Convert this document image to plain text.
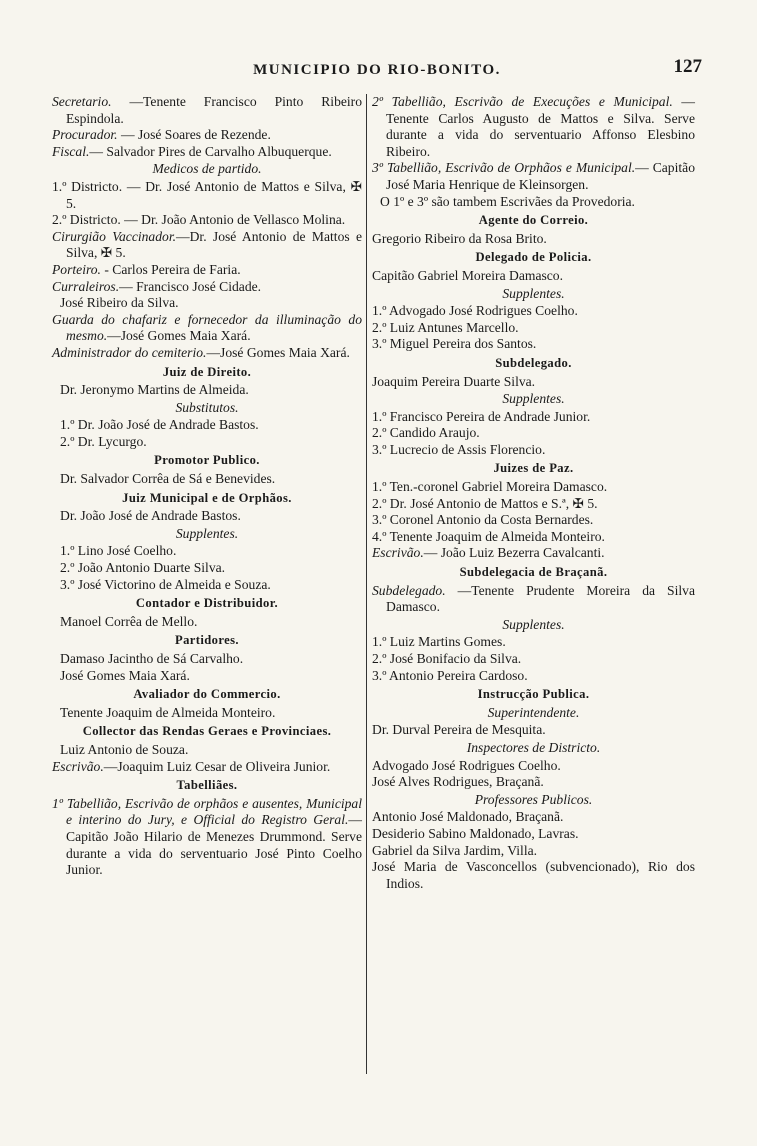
MUNICIPIO DO RIO-BONITO.	127
Secretario. —Tenente Francisco Pinto Ribeiro Espindola.
Procurador. — José Soares de Rezende.
Fiscal.— Salvador Pires de Carvalho Albuquerque.
Medicos de partido.
1.º Districto. — Dr. José Antonio de Mattos e Silva, ✠ 5.
2.º Districto. — Dr. João Antonio de Vellasco Molina.
Cirurgião Vaccinador.—Dr. José Antonio de Mattos e Silva, ✠ 5.
Porteiro. - Carlos Pereira de Faria.
Curraleiros.— Francisco José Cidade.
José Ribeiro da Silva.
Guarda do chafariz e fornecedor da illuminação do mesmo.—José Gomes Maia Xará.
Administrador do cemiterio.—José Gomes Maia Xará.
Juiz de Direito.
Dr. Jeronymo Martins de Almeida.
Substitutos.
1.º Dr. João José de Andrade Bastos.
2.º Dr. Lycurgo.
Promotor Publico.
Dr. Salvador Corrêa de Sá e Benevides.
Juiz Municipal e de Orphãos.
Dr. João José de Andrade Bastos.
Supplentes.
1.º Lino José Coelho.
2.º João Antonio Duarte Silva.
3.º José Victorino de Almeida e Souza.
Contador e Distribuidor.
Manoel Corrêa de Mello.
Partidores.
Damaso Jacintho de Sá Carvalho.
José Gomes Maia Xará.
Avaliador do Commercio.
Tenente Joaquim de Almeida Monteiro.
Collector das Rendas Geraes e Provinciaes.
Luiz Antonio de Souza.
Escrivão.—Joaquim Luiz Cesar de Oliveira Junior.
Tabelliães.
1º Tabellião, Escrivão de orphãos e ausentes, Municipal e interino do Jury, e Official do Registro Geral.—Capitão João Hilario de Menezes Drummond. Serve durante a vida do serventuario José Pinto Coelho Junior.
2º Tabellião, Escrivão de Execuções e Municipal. — Tenente Carlos Augusto de Mattos e Silva. Serve durante a vida do serventuario Affonso Elesbino Ribeiro.
3º Tabellião, Escrivão de Orphãos e Municipal.— Capitão José Maria Henrique de Kleinsorgen.
O 1º e 3º são tambem Escrivães da Provedoria.
Agente do Correio.
Gregorio Ribeiro da Rosa Brito.
Delegado de Policia.
Capitão Gabriel Moreira Damasco.
Supplentes.
1.º Advogado José Rodrigues Coelho.
2.º Luiz Antunes Marcello.
3.º Miguel Pereira dos Santos.
Subdelegado.
Joaquim Pereira Duarte Silva.
Supplentes.
1.º Francisco Pereira de Andrade Junior.
2.º Candido Araujo.
3.º Lucrecio de Assis Florencio.
Juizes de Paz.
1.º Ten.-coronel Gabriel Moreira Damasco.
2.º Dr. José Antonio de Mattos e S.ª, ✠ 5.
3.º Coronel Antonio da Costa Bernardes.
4.º Tenente Joaquim de Almeida Monteiro.
Escrivão.— João Luiz Bezerra Cavalcanti.
Subdelegacia de Braçanã.
Subdelegado. —Tenente Prudente Moreira da Silva Damasco.
Supplentes.
1.º Luiz Martins Gomes.
2.º José Bonifacio da Silva.
3.º Antonio Pereira Cardoso.
Instrucção Publica.
Superintendente.
Dr. Durval Pereira de Mesquita.
Inspectores de Districto.
Advogado José Rodrigues Coelho.
José Alves Rodrigues, Braçanã.
Professores Publicos.
Antonio José Maldonado, Braçanã.
Desiderio Sabino Maldonado, Lavras.
Gabriel da Silva Jardim, Villa.
José Maria de Vasconcellos (subvencionado), Rio dos Indios.
